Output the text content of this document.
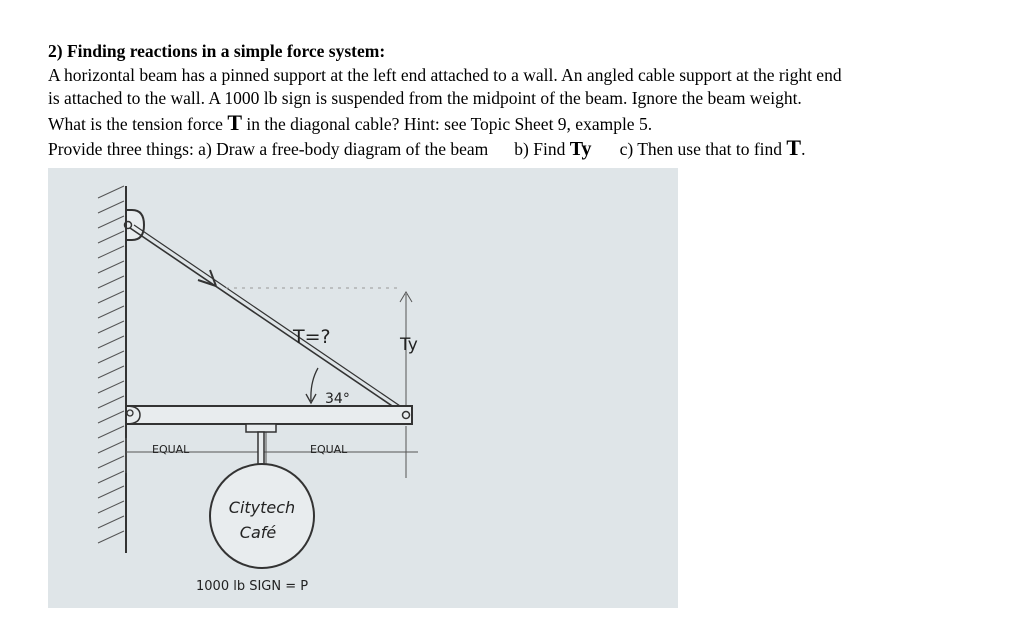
2) Finding reactions in a simple force system:
A horizontal beam has a pinned support at the left end attached to a wall. An angled cable support at the right end
is attached to the wall. A 1000 lb sign is suspended from the midpoint of the beam. Ignore the beam weight.
What is the tension force T in the diagonal cable? Hint: see Topic Sheet 9, example 5.
Provide three things: a) Draw a free-body diagram of the beam b) Find Ty c) Then use that to find T.
T=?
34°
Ty
EQUAL	EQUAL
Citytech
Café
1000 lb SIGN = P
